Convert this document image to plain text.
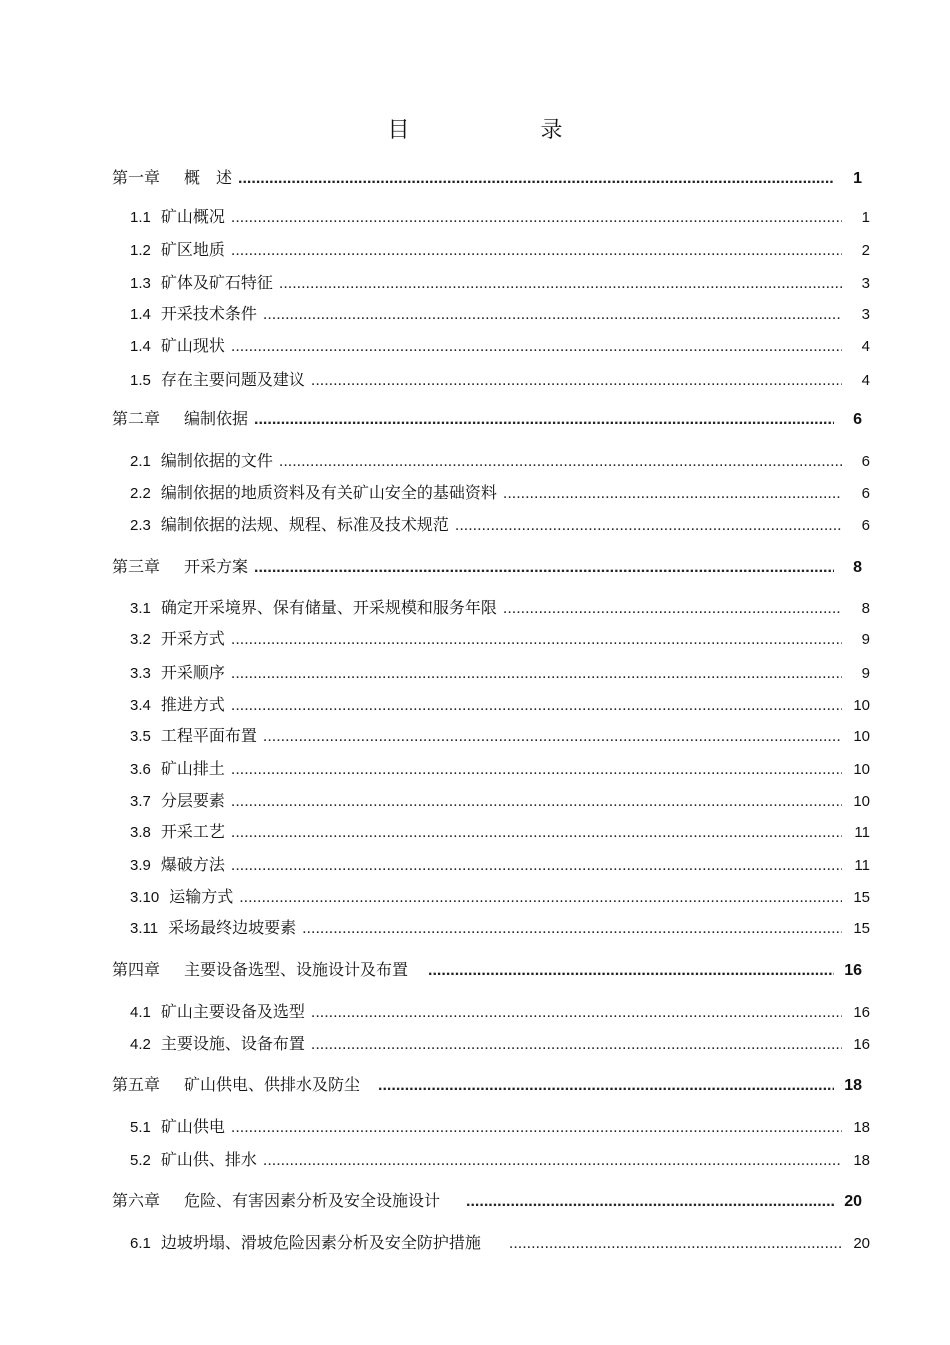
目 录
第一章 概　述 .....	1
1.1 矿山概况 .....	1
1.2 矿区地质 .....	2
1.3 矿体及矿石特征 .....	3
1.4 开采技术条件 .....	3
1.4 矿山现状 .....	4
1.5 存在主要问题及建议 .....	4
第二章 编制依据 .....	6
2.1 编制依据的文件 .....	6
2.2 编制依据的地质资料及有关矿山安全的基础资料 .....	6
2.3 编制依据的法规、规程、标准及技术规范 .....	6
第三章 开采方案 .....	8
3.1 确定开采境界、保有储量、开采规模和服务年限 .....	8
3.2 开采方式 .....	9
3.3 开采顺序 .....	9
3.4 推进方式 .....	10
3.5 工程平面布置 .....	10
3.6 矿山排土 .....	10
3.7 分层要素 .....	10
3.8 开采工艺 .....	11
3.9 爆破方法 .....	11
3.10 运输方式 .....	15
3.11 采场最终边坡要素 .....	15
第四章 主要设备选型、设施设计及布置 .....	16
4.1 矿山主要设备及选型 .....	16
4.2 主要设施、设备布置 .....	16
第五章 矿山供电、供排水及防尘 .....	18
5.1 矿山供电 .....	18
5.2 矿山供、排水 .....	18
第六章 危险、有害因素分析及安全设施设计 .....	20
6.1 边坡坍塌、滑坡危险因素分析及安全防护措施 .....	20
